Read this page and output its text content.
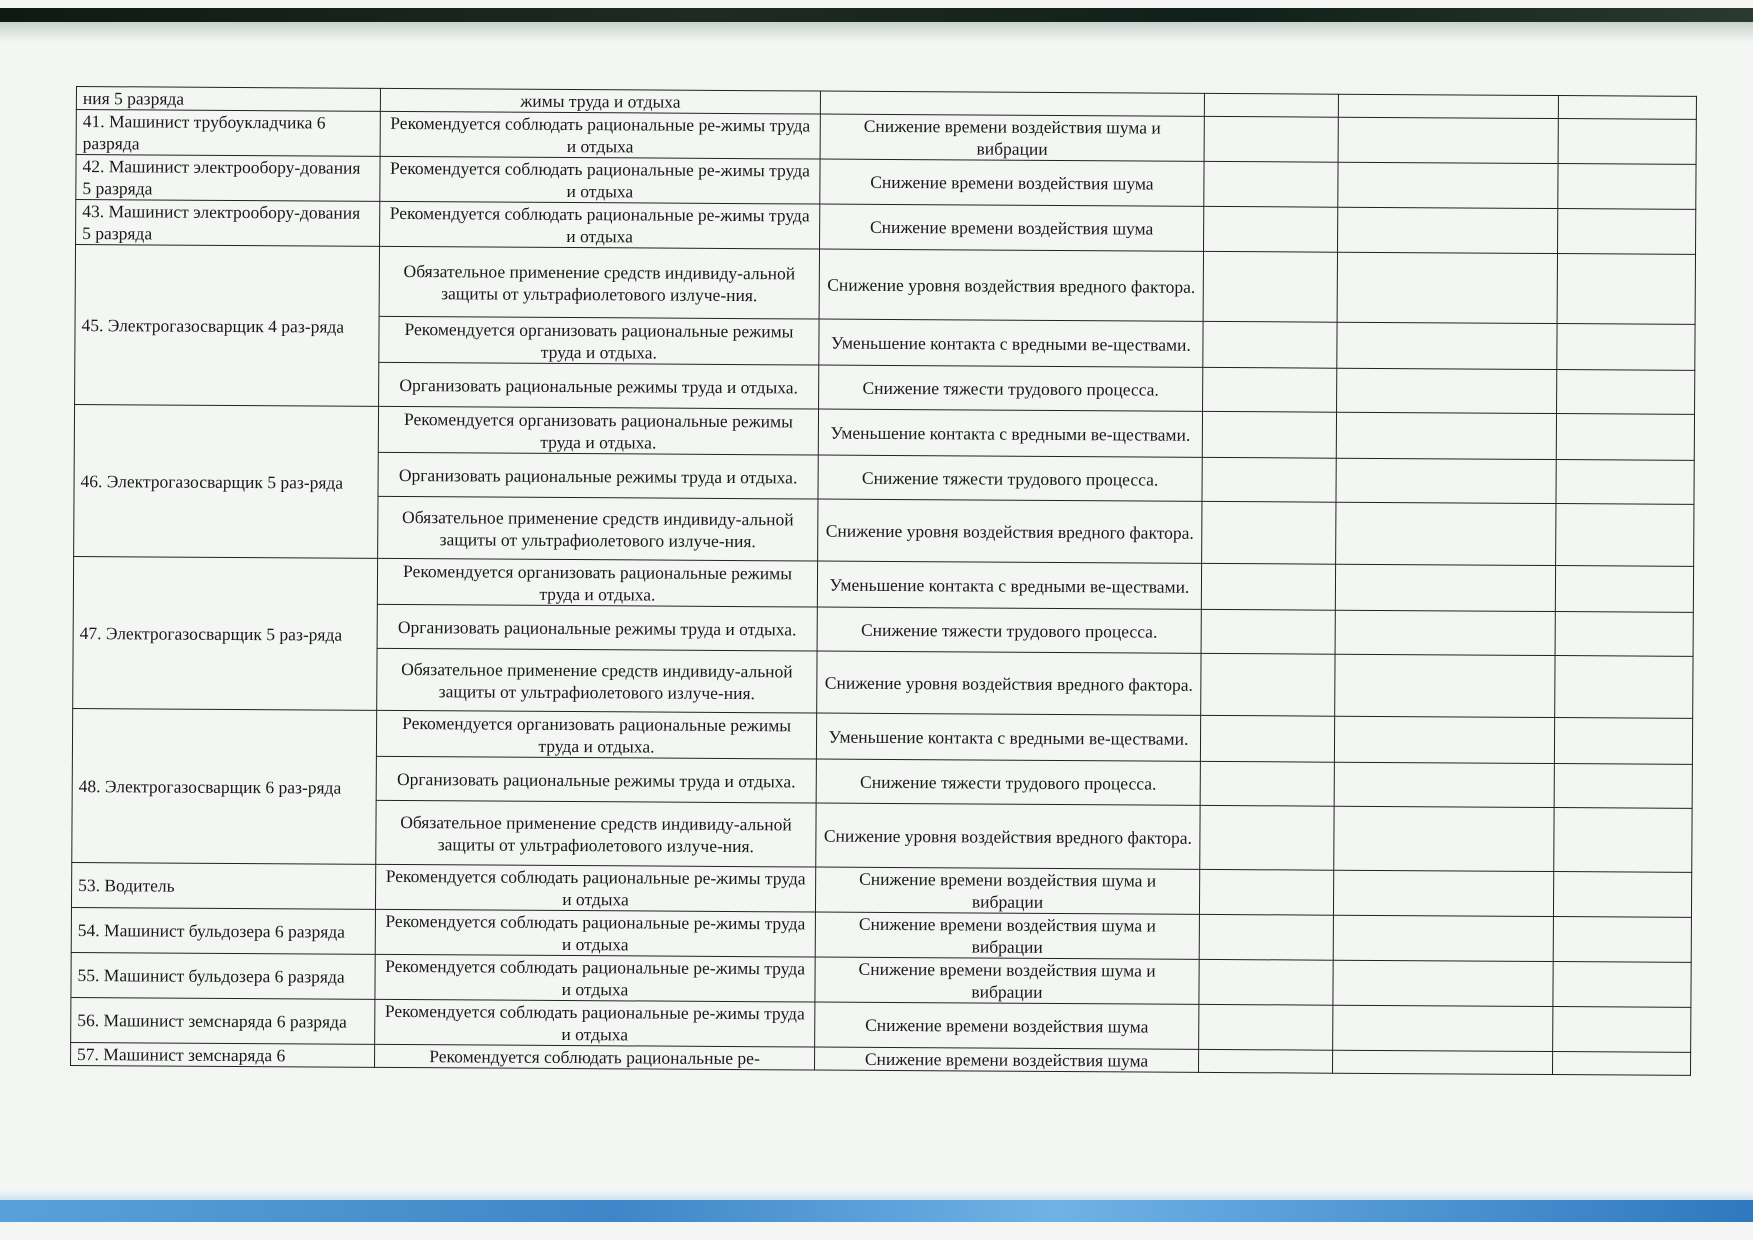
ния 5 разряда	жимы труда и отдыха				
41. Машинист трубоукладчика 6 разряда	Рекомендуется соблюдать рациональные ре-жимы труда и отдыха	Снижение времени воздействия шума и вибрации			
42. Машинист электрообору-дования 5 разряда	Рекомендуется соблюдать рациональные ре-жимы труда и отдыха	Снижение времени воздействия шума			
43. Машинист электрообору-дования 5 разряда	Рекомендуется соблюдать рациональные ре-жимы труда и отдыха	Снижение времени воздействия шума			
45. Электрогазосварщик 4 раз-ряда	Обязательное применение средств индивиду-альной защиты от ультрафиолетового излуче-ния.	Снижение уровня воздействия вредного фактора.			
	Рекомендуется организовать рациональные режимы труда и отдыха.	Уменьшение контакта с вредными ве-ществами.			
	Организовать рациональные режимы труда и отдыха.	Снижение тяжести трудового процесса.			
46. Электрогазосварщик 5 раз-ряда	Рекомендуется организовать рациональные режимы труда и отдыха.	Уменьшение контакта с вредными ве-ществами.			
	Организовать рациональные режимы труда и отдыха.	Снижение тяжести трудового процесса.			
	Обязательное применение средств индивиду-альной защиты от ультрафиолетового излуче-ния.	Снижение уровня воздействия вредного фактора.			
47. Электрогазосварщик 5 раз-ряда	Рекомендуется организовать рациональные режимы труда и отдыха.	Уменьшение контакта с вредными ве-ществами.			
	Организовать рациональные режимы труда и отдыха.	Снижение тяжести трудового процесса.			
	Обязательное применение средств индивиду-альной защиты от ультрафиолетового излуче-ния.	Снижение уровня воздействия вредного фактора.			
48. Электрогазосварщик 6 раз-ряда	Рекомендуется организовать рациональные режимы труда и отдыха.	Уменьшение контакта с вредными ве-ществами.			
	Организовать рациональные режимы труда и отдыха.	Снижение тяжести трудового процесса.			
	Обязательное применение средств индивиду-альной защиты от ультрафиолетового излуче-ния.	Снижение уровня воздействия вредного фактора.			
53. Водитель	Рекомендуется соблюдать рациональные ре-жимы труда и отдыха	Снижение времени воздействия шума и вибрации			
54. Машинист бульдозера 6 разряда	Рекомендуется соблюдать рациональные ре-жимы труда и отдыха	Снижение времени воздействия шума и вибрации			
55. Машинист бульдозера 6 разряда	Рекомендуется соблюдать рациональные ре-жимы труда и отдыха	Снижение времени воздействия шума и вибрации			
56. Машинист земснаряда 6 разряда	Рекомендуется соблюдать рациональные ре-жимы труда и отдыха	Снижение времени воздействия шума			
57. Машинист земснаряда 6	Рекомендуется соблюдать рациональные ре-	Снижение времени воздействия шума			
